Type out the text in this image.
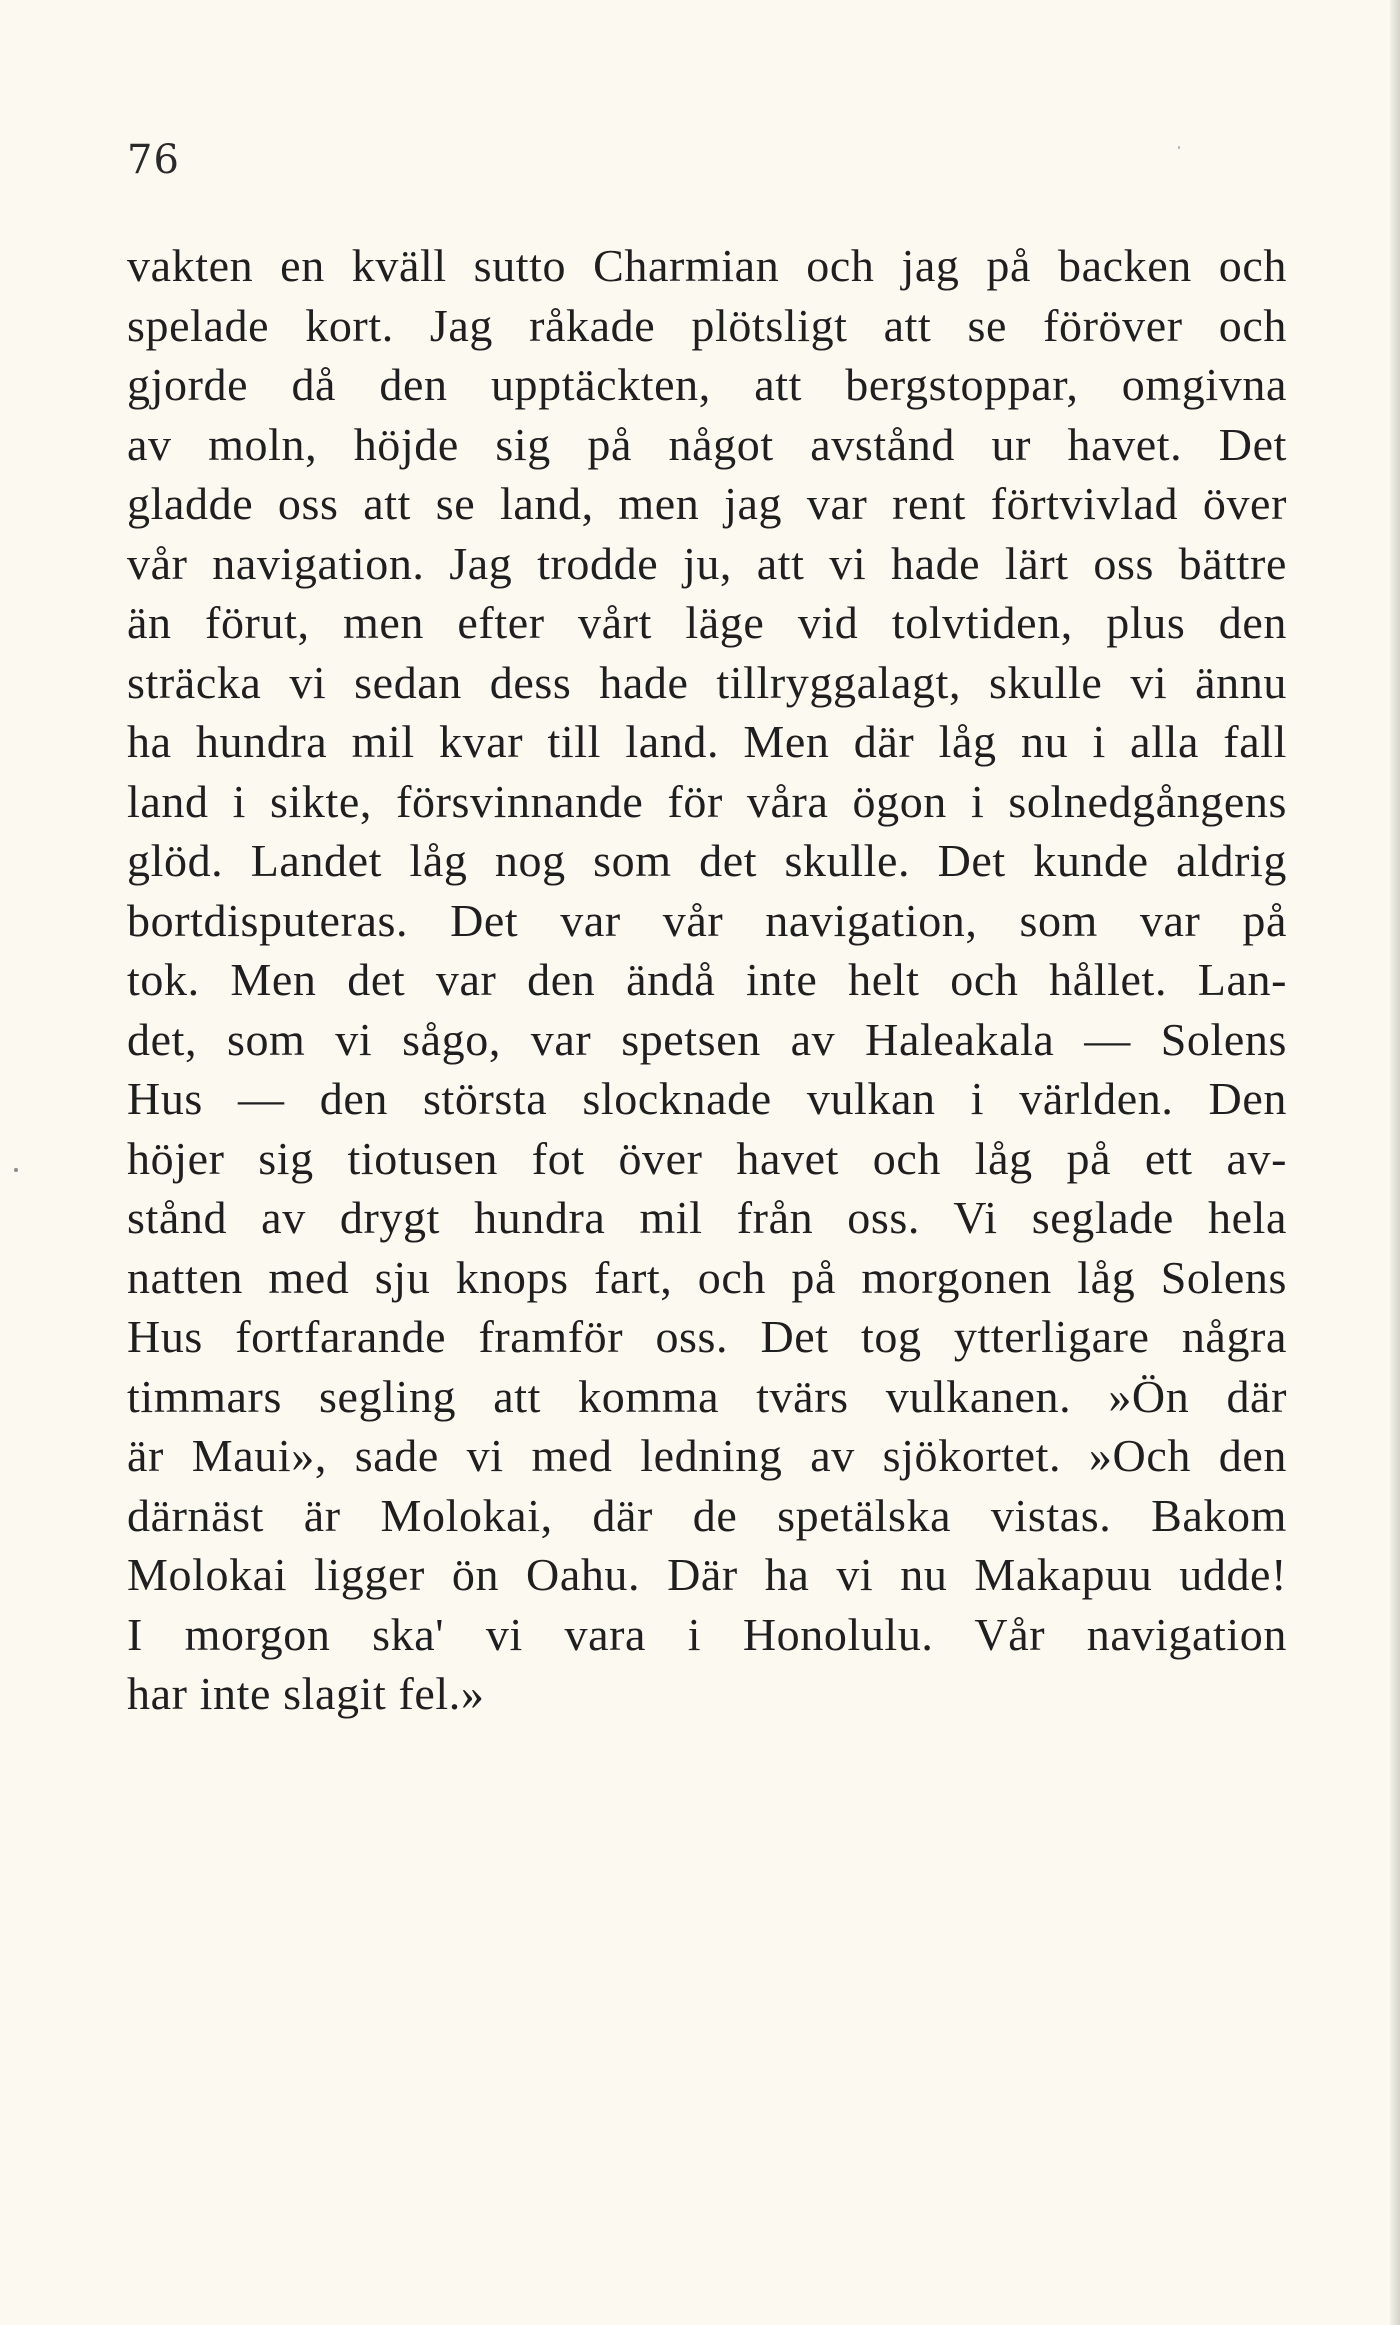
76
vakten en kväll sutto Charmian och jag på backen och
spelade kort. Jag råkade plötsligt att se föröver och
gjorde då den upptäckten, att bergstoppar, omgivna
av moln, höjde sig på något avstånd ur havet. Det
gladde oss att se land, men jag var rent förtvivlad över
vår navigation. Jag trodde ju, att vi hade lärt oss bättre
än förut, men efter vårt läge vid tolvtiden, plus den
sträcka vi sedan dess hade tillryggalagt, skulle vi ännu
ha hundra mil kvar till land. Men där låg nu i alla fall
land i sikte, försvinnande för våra ögon i solnedgångens
glöd. Landet låg nog som det skulle. Det kunde aldrig
bortdisputeras. Det var vår navigation, som var på
tok. Men det var den ändå inte helt och hållet. Lan-
det, som vi sågo, var spetsen av Haleakala — Solens
Hus — den största slocknade vulkan i världen. Den
höjer sig tiotusen fot över havet och låg på ett av-
stånd av drygt hundra mil från oss. Vi seglade hela
natten med sju knops fart, och på morgonen låg Solens
Hus fortfarande framför oss. Det tog ytterligare några
timmars segling att komma tvärs vulkanen. »Ön där
är Maui», sade vi med ledning av sjökortet. »Och den
därnäst är Molokai, där de spetälska vistas. Bakom
Molokai ligger ön Oahu. Där ha vi nu Makapuu udde!
I morgon ska' vi vara i Honolulu. Vår navigation
har inte slagit fel.»
